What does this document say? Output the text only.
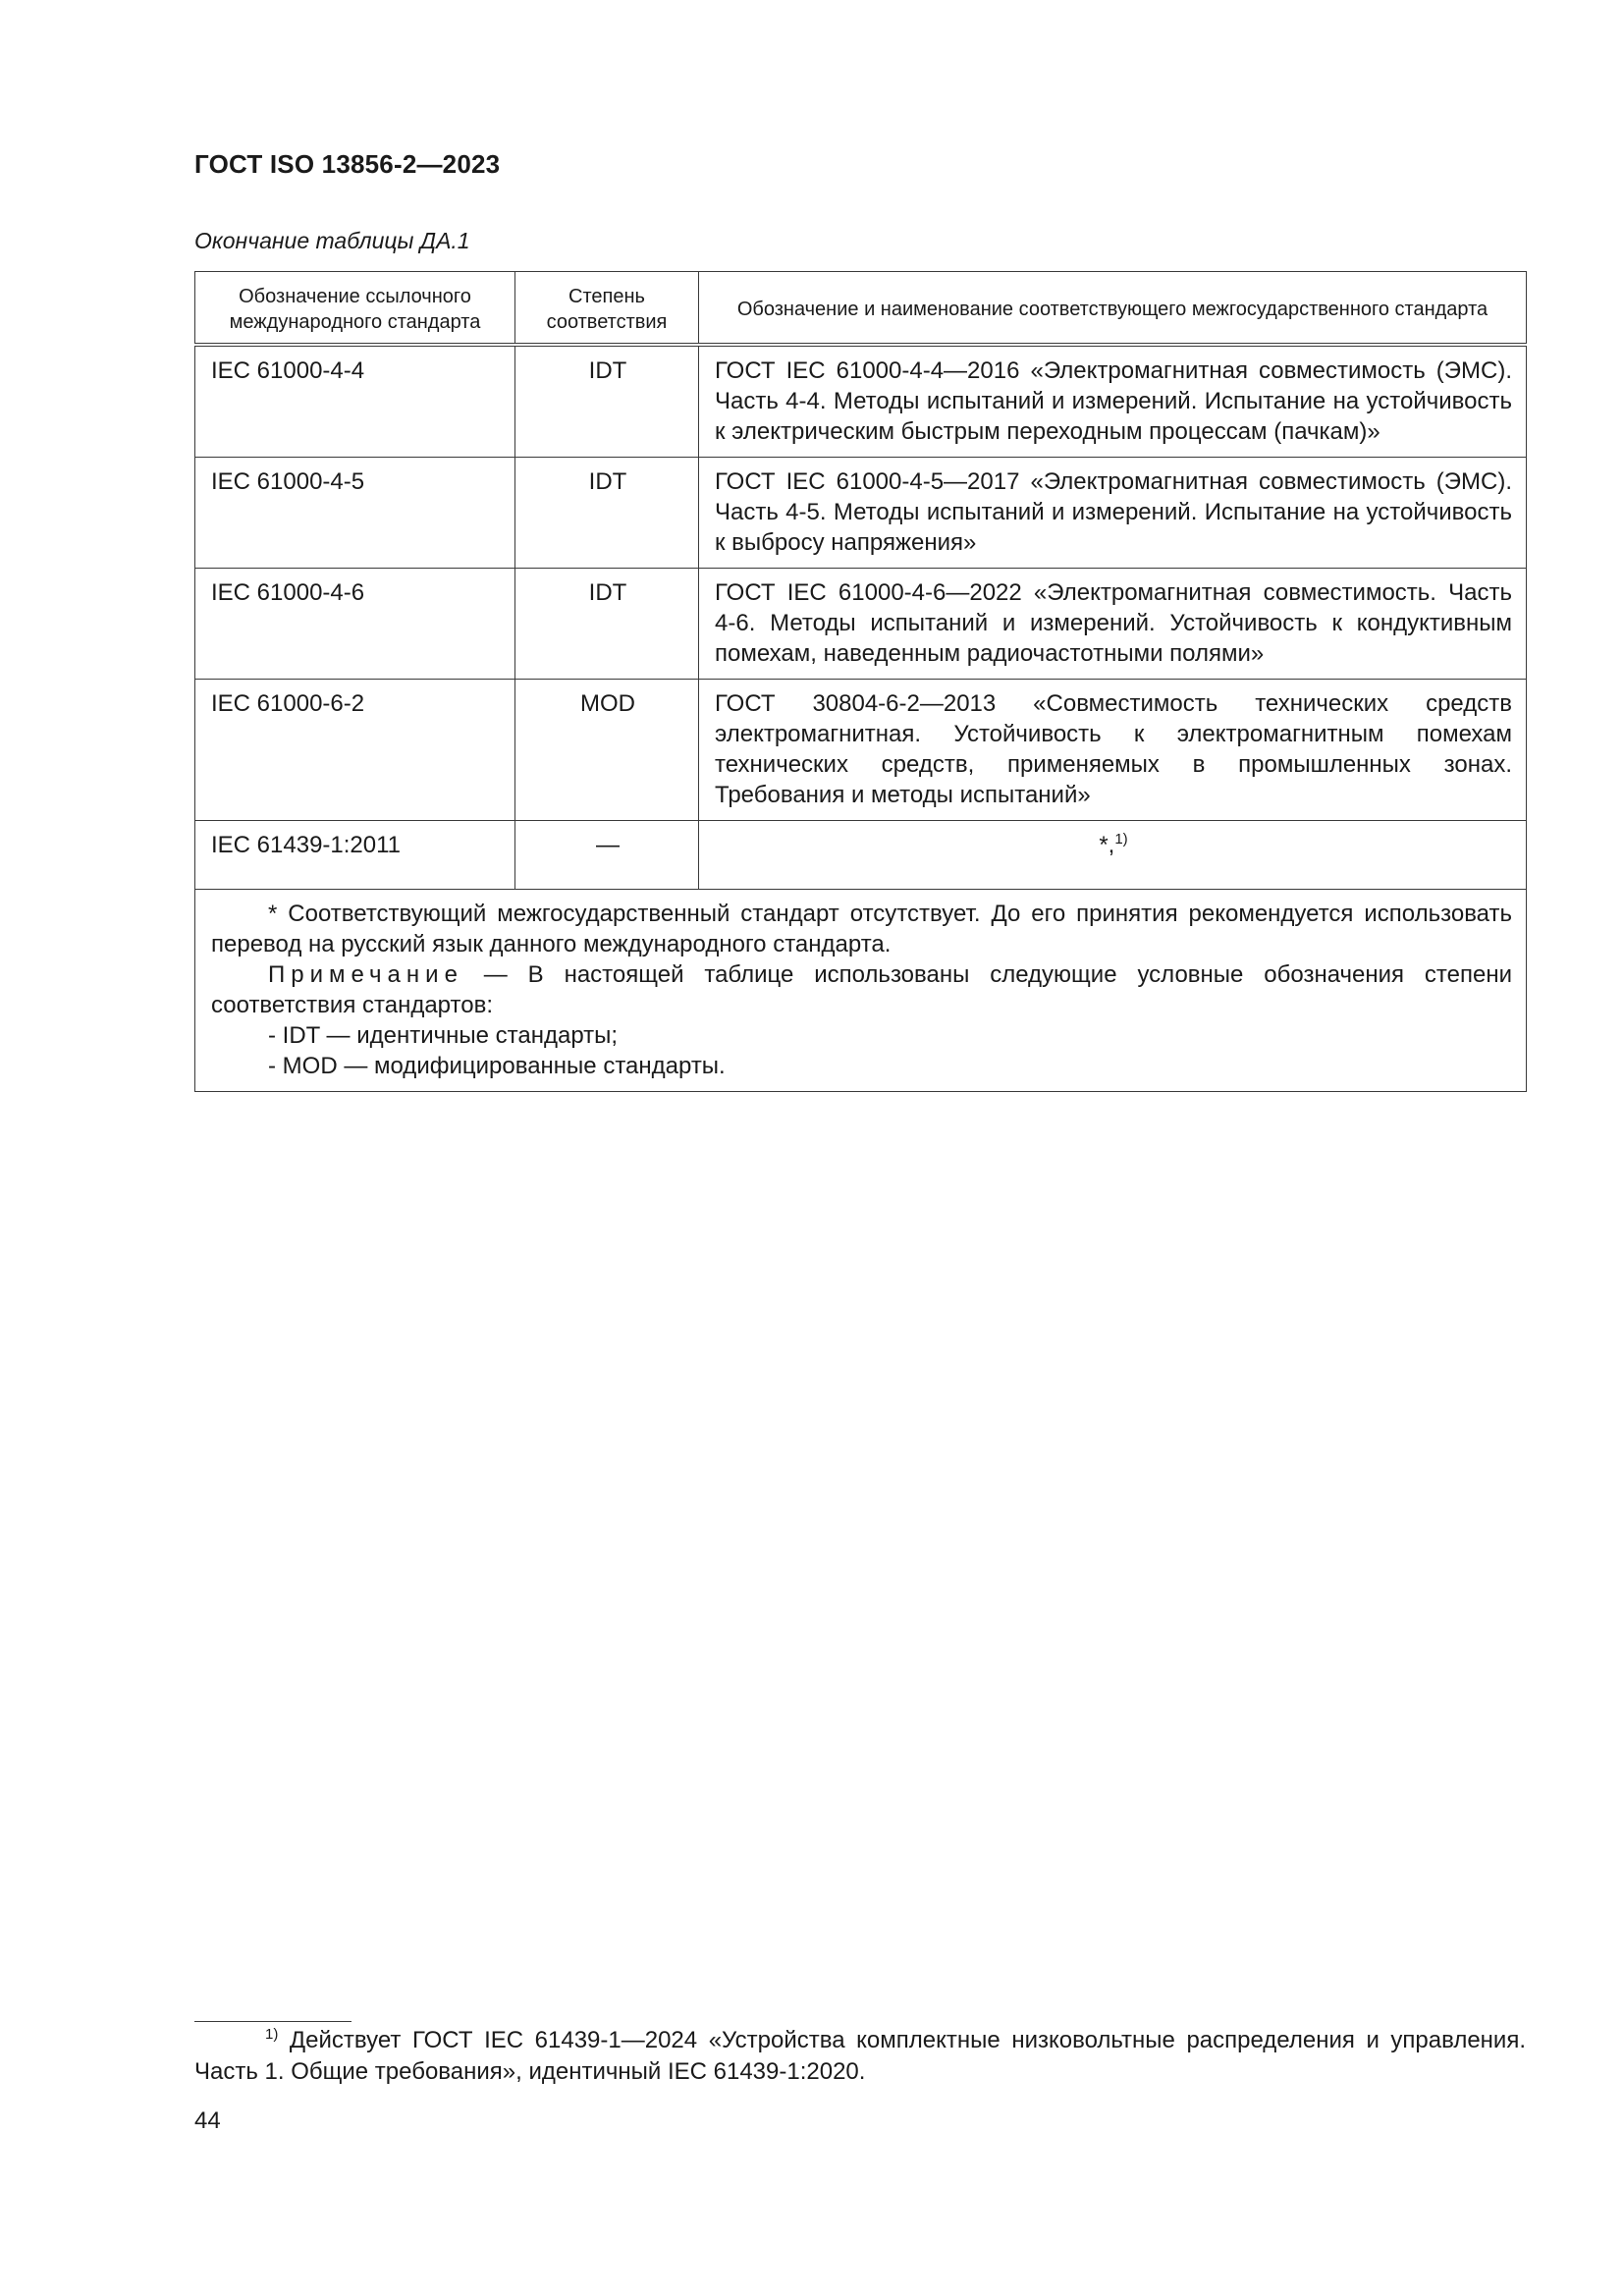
ГОСТ ISO 13856-2—2023
Окончание таблицы ДА.1
Обозначение ссылочного международного стандарта	Степень соответствия	Обозначение и наименование соответствующего межгосударственного стандарта
IEC 61000-4-4	IDT	ГОСТ IEC 61000-4-4—2016 «Электромагнитная совместимость (ЭМС). Часть 4-4. Методы испытаний и измерений. Испытание на устойчивость к электрическим быстрым переходным процессам (пачкам)»
IEC 61000-4-5	IDT	ГОСТ IEC 61000-4-5—2017 «Электромагнитная совместимость (ЭМС). Часть 4-5. Методы испытаний и измерений. Испытание на устойчивость к выбросу напряжения»
IEC 61000-4-6	IDT	ГОСТ IEC 61000-4-6—2022 «Электромагнитная совместимость. Часть 4-6. Методы испытаний и измерений. Устойчивость к кондуктивным помехам, наведенным радиочастотными полями»
IEC 61000-6-2	MOD	ГОСТ 30804-6-2—2013 «Совместимость технических средств электромагнитная. Устойчивость к электромагнитным помехам технических средств, применяемых в промышленных зонах. Требования и методы испытаний»
IEC 61439-1:2011	—	*,$^{1)}$

* Соответствующий межгосударственный стандарт отсутствует. До его принятия рекомендуется использовать перевод на русский язык данного международного стандарта.

Примечание — В настоящей таблице использованы следующие условные обозначения степени соответствия стандартов:

- IDT — идентичные стандарты;

- MOD — модифицированные стандарты.		

$^{1)}$ Действует ГОСТ IEC 61439-1—2024 «Устройства комплектные низковольтные распределения и управления. Часть 1. Общие требования», идентичный IEC 61439-1:2020.
44
